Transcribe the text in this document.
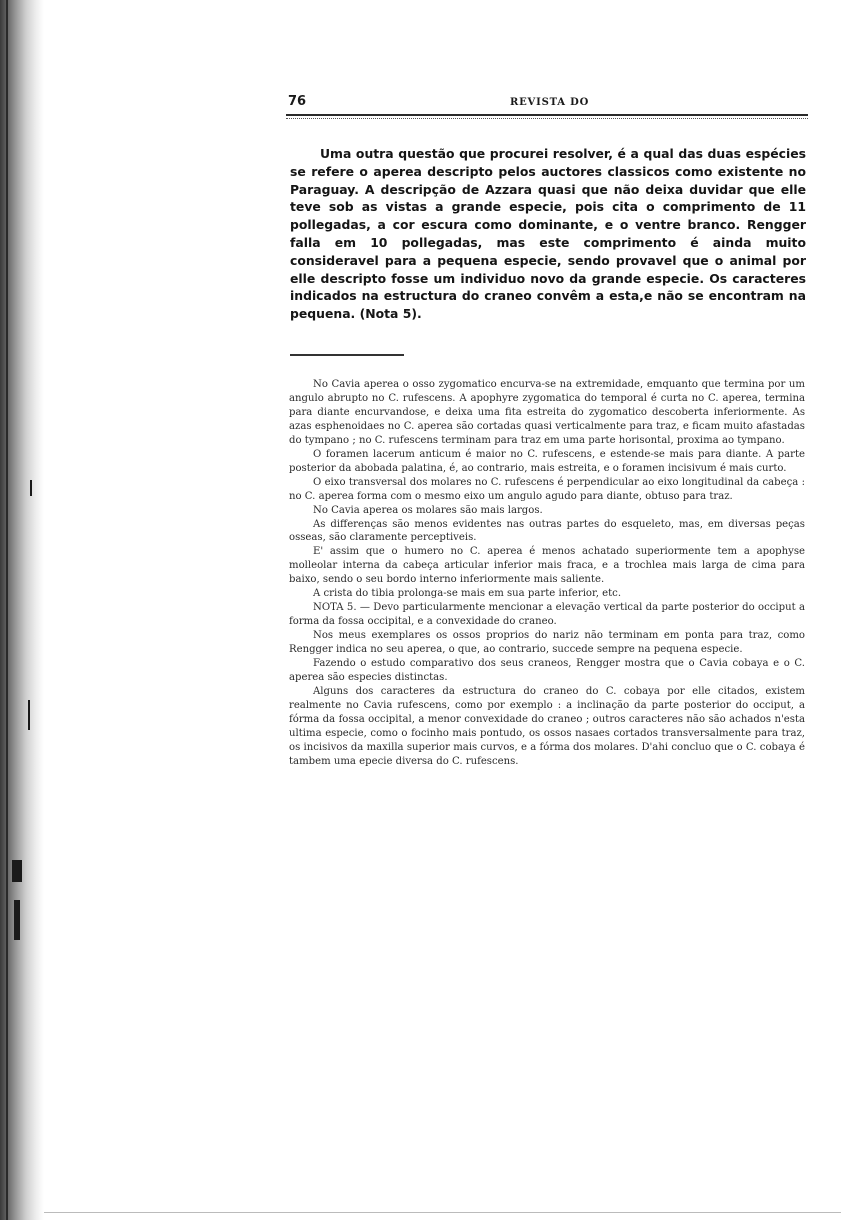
76	REVISTA DO

Uma outra questão que procurei resolver, é a qual das duas espécies se refere o aperea descripto pelos auctores classicos como existente no Paraguay. A descripção de Azzara quasi que não deixa duvidar que elle teve sob as vistas a grande especie, pois cita o comprimento de 11 pollegadas, a cor escura como dominante, e o ventre branco. Rengger falla em 10 pollegadas, mas este comprimento é ainda muito consideravel para a pequena especie, sendo provavel que o animal por elle descripto fosse um individuo novo da grande especie. Os caracteres indicados na estructura do craneo convêm a esta,e não se encontram na pequena. (Nota 5).

No Cavia aperea o osso zygomatico encurva-se na extremidade, emquanto que termina por um angulo abrupto no C. rufescens. A apophyre zygomatica do temporal é curta no C. aperea, termina para diante encurvandose, e deixa uma fita estreita do zygomatico descoberta inferiormente. As azas esphenoidaes no C. aperea são cortadas quasi verticalmente para traz, e ficam muito afastadas do tympano ; no C. rufescens terminam para traz em uma parte horisontal, proxima ao tympano.

O foramen lacerum anticum é maior no C. rufescens, e estende-se mais para diante. A parte posterior da abobada palatina, é, ao contrario, mais estreita, e o foramen incisivum é mais curto.

O eixo transversal dos molares no C. rufescens é perpendicular ao eixo longitudinal da cabeça : no C. aperea forma com o mesmo eixo um angulo agudo para diante, obtuso para traz.

No Cavia aperea os molares são mais largos.

As differenças são menos evidentes nas outras partes do esqueleto, mas, em diversas peças osseas, são claramente perceptiveis.

E' assim que o humero no C. aperea é menos achatado superiormente tem a apophyse molleolar interna da cabeça articular inferior mais fraca, e a trochlea mais larga de cima para baixo, sendo o seu bordo interno inferiormente mais saliente.

A crista do tibia prolonga-se mais em sua parte inferior, etc.

NOTA 5. — Devo particularmente mencionar a elevação vertical da parte posterior do occiput a forma da fossa occipital, e a convexidade do craneo.

Nos meus exemplares os ossos proprios do nariz não terminam em ponta para traz, como Rengger indica no seu aperea, o que, ao contrario, succede sempre na pequena especie.

Fazendo o estudo comparativo dos seus craneos, Rengger mostra que o Cavia cobaya e o C. aperea são especies distinctas.

Alguns dos caracteres da estructura do craneo do C. cobaya por elle citados, existem realmente no Cavia rufescens, como por exemplo : a inclinação da parte posterior do occiput, a fórma da fossa occipital, a menor convexidade do craneo ; outros caracteres não são achados n'esta ultima especie, como o focinho mais pontudo, os ossos nasaes cortados transversalmente para traz, os incisivos da maxilla superior mais curvos, e a fórma dos molares. D'ahi concluo que o C. cobaya é tambem uma epecie diversa do C. rufescens.
